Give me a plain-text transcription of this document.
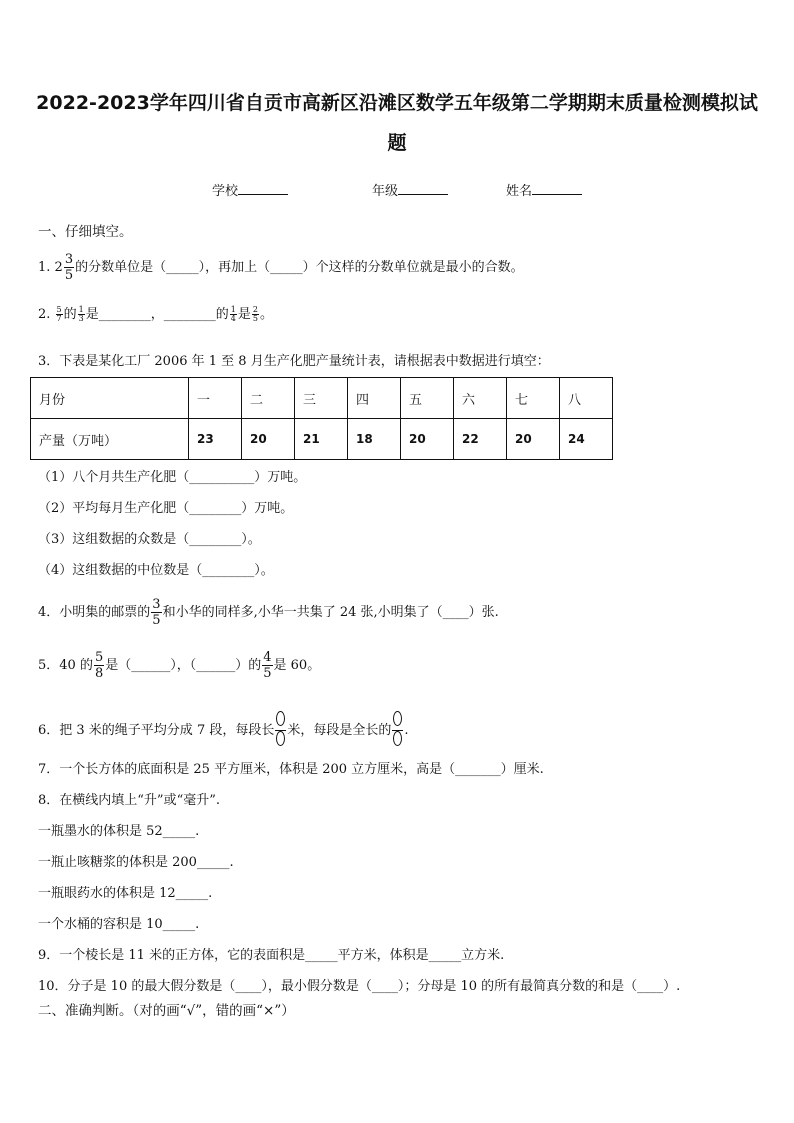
2022-2023学年四川省自贡市高新区沿滩区数学五年级第二学期期末质量检测模拟试
题
学校	年级	姓名
一、仔细填空。
1. $2 \frac{3}{5}$ 的分数单位是（_____），再加上（_____）个这样的分数单位就是最小的合数。
2. $\frac{5}{7}$ 的 $\frac{1}{3}$ 是________，________的 $\frac{1}{4}$ 是 $\frac{2}{5}$ 。
3．下表是某化工厂 2006 年 1 至 8 月生产化肥产量统计表，请根据表中数据进行填空：
月份	一	二	三	四	五	六	七	八
产量（万吨）	23	20	21	18	20	22	20	24
（1）八个月共生产化肥（__________）万吨。
（2）平均每月生产化肥（________）万吨。
（3）这组数据的众数是（________）。
（4）这组数据的中位数是（________）。
4．小明集的邮票的 $\frac{3}{5}$ 和小华的同样多,小华一共集了 24 张,小明集了（____）张.
5．40 的 $\frac{5}{8}$ 是（______），（______）的 $\frac{4}{5}$ 是 60。
6．把 3 米的绳子平均分成 7 段，每段长 米，每段是全长的 .
7．一个长方体的底面积是 25 平方厘米，体积是 200 立方厘米，高是（_______）厘米.
8．在横线内填上“升”或“毫升”.
一瓶墨水的体积是 52_____.
一瓶止咳糖浆的体积是 200_____.
一瓶眼药水的体积是 12_____.
一个水桶的容积是 10_____.
9．一个棱长是 11 米的正方体，它的表面积是_____平方米，体积是_____立方米.
10．分子是 10 的最大假分数是（____），最小假分数是（____）；分母是 10 的所有最简真分数的和是（____）.
二、准确判断。（对的画“√”，错的画“×”）
